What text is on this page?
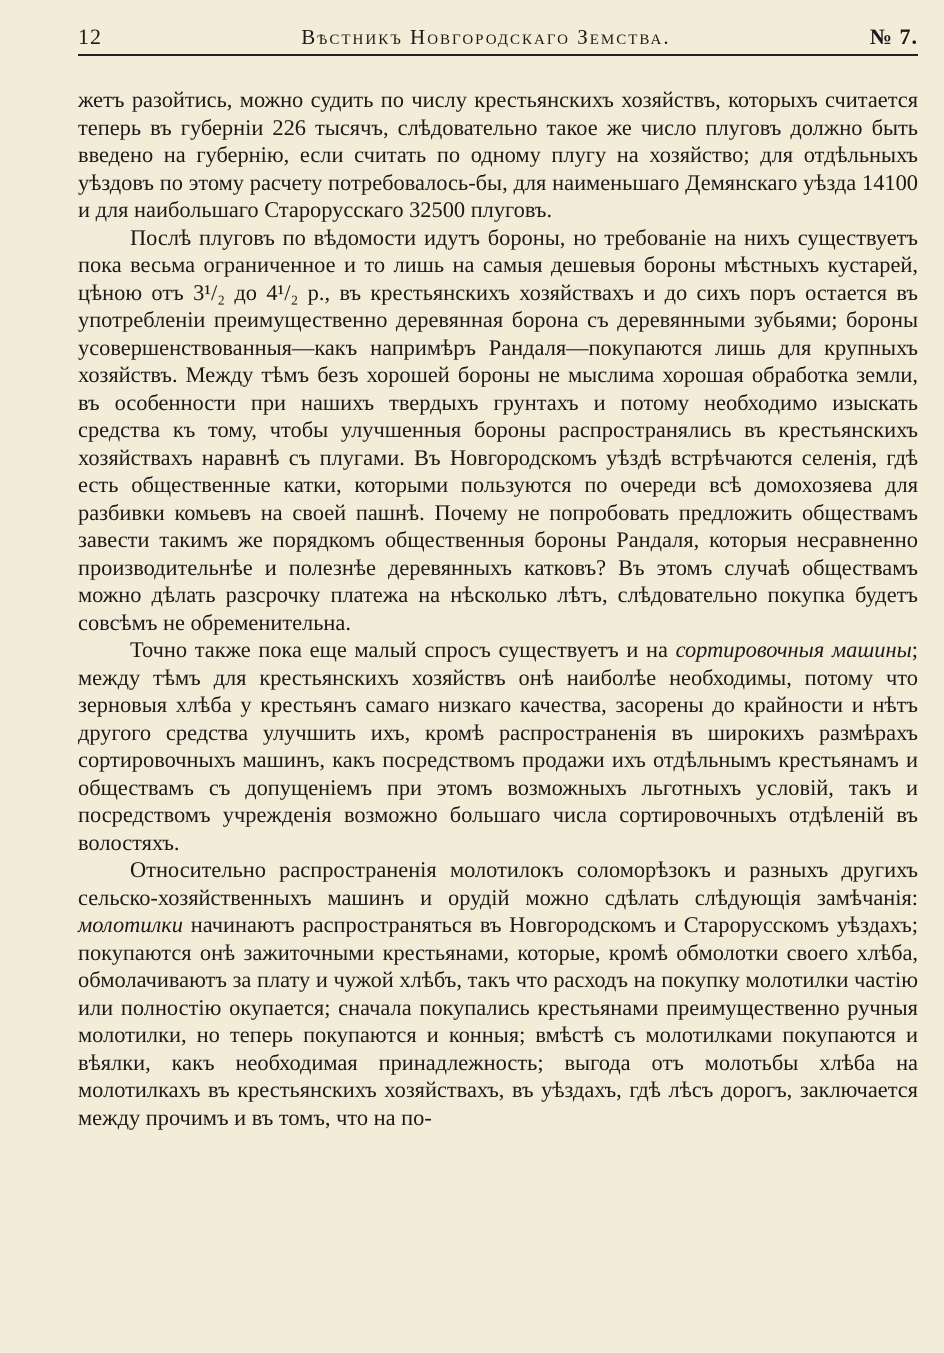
12	Вѣстникъ Новгородскаго Земства.	№ 7.

жетъ разойтись, можно судить по числу крестьянскихъ хозяйствъ, которыхъ считается теперь въ губерніи 226 тысячъ, слѣдовательно такое же число плуговъ должно быть введено на губернію, если считать по одному плугу на хозяйство; для отдѣльныхъ уѣздовъ по этому расчету потребовалось-бы, для наименьшаго Демянскаго уѣзда 14100 и для наибольшаго Старорусскаго 32500 плуговъ.

Послѣ плуговъ по вѣдомости идутъ бороны, но требованіе на нихъ существуетъ пока весьма ограниченное и то лишь на самыя дешевыя бороны мѣстныхъ кустарей, цѣною отъ 3¹/₂ до 4¹/₂ р., въ крестьянскихъ хозяйствахъ и до сихъ поръ остается въ употребленіи преимущественно деревянная борона съ деревянными зубьями; бороны усовершенствованныя—какъ напримѣръ Рандаля—покупаются лишь для крупныхъ хозяйствъ. Между тѣмъ безъ хорошей бороны не мыслима хорошая обработка земли, въ особенности при нашихъ твердыхъ грунтахъ и потому необходимо изыскать средства къ тому, чтобы улучшенныя бороны распространялись въ крестьянскихъ хозяйствахъ наравнѣ съ плугами. Въ Новгородскомъ уѣздѣ встрѣчаются селенія, гдѣ есть общественные катки, которыми пользуются по очереди всѣ домохозяева для разбивки комьевъ на своей пашнѣ. Почему не попробовать предложить обществамъ завести такимъ же порядкомъ общественныя бороны Рандаля, которыя несравненно производительнѣе и полезнѣе деревянныхъ катковъ? Въ этомъ случаѣ обществамъ можно дѣлать разсрочку платежа на нѣсколько лѣтъ, слѣдовательно покупка будетъ совсѣмъ не обременительна.

Точно также пока еще малый спросъ существуетъ и на сортировочныя машины; между тѣмъ для крестьянскихъ хозяйствъ онѣ наиболѣе необходимы, потому что зерновыя хлѣба у крестьянъ самаго низкаго качества, засорены до крайности и нѣтъ другого средства улучшить ихъ, кромѣ распространенія въ широкихъ размѣрахъ сортировочныхъ машинъ, какъ посредствомъ продажи ихъ отдѣльнымъ крестьянамъ и обществамъ съ допущеніемъ при этомъ возможныхъ льготныхъ условій, такъ и посредствомъ учрежденія возможно большаго числа сортировочныхъ отдѣленій въ волостяхъ.

Относительно распространенія молотилокъ соломорѣзокъ и разныхъ другихъ сельско-хозяйственныхъ машинъ и орудій можно сдѣлать слѣдующія замѣчанія: молотилки начинаютъ распространяться въ Новгородскомъ и Старорусскомъ уѣздахъ; покупаются онѣ зажиточными крестьянами, которые, кромѣ обмолотки своего хлѣба, обмолачиваютъ за плату и чужой хлѣбъ, такъ что расходъ на покупку молотилки частію или полностію окупается; сначала покупались крестьянами преимущественно ручныя молотилки, но теперь покупаются и конныя; вмѣстѣ съ молотилками покупаются и вѣялки, какъ необходимая принадлежность; выгода отъ молотьбы хлѣба на молотилкахъ въ крестьянскихъ хозяйствахъ, въ уѣздахъ, гдѣ лѣсъ дорогъ, заключается между прочимъ и въ томъ, что на по-
